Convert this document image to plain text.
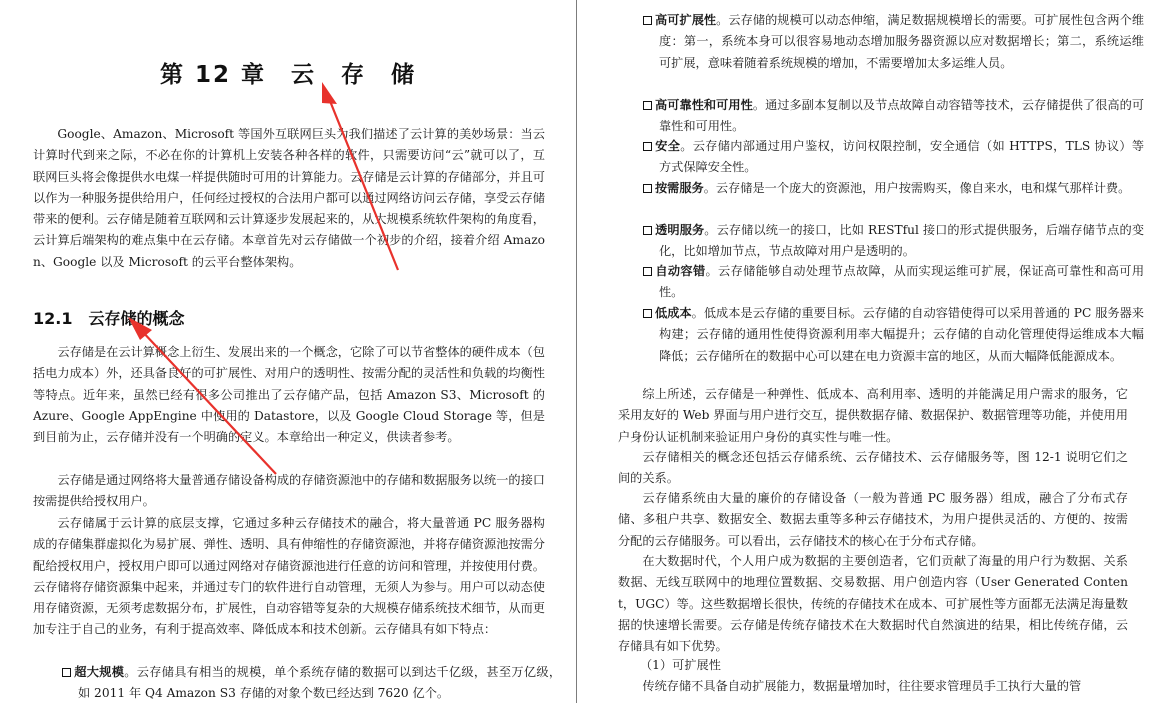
第 12 章　云　存　储

Google、Amazon、Microsoft 等国外互联网巨头为我们描述了云计算的美妙场景：当云计算时代到来之际，不必在你的计算机上安装各种各样的软件，只需要访问“云”就可以了，互联网巨头将会像提供水电煤一样提供随时可用的计算能力。云存储是云计算的存储部分，并且可以作为一种服务提供给用户，任何经过授权的合法用户都可以通过网络访问云存储，享受云存储带来的便利。云存储是随着互联网和云计算逐步发展起来的，从大规模系统软件架构的角度看，云计算后端架构的难点集中在云存储。本章首先对云存储做一个初步的介绍，接着介绍 Amazon、Google 以及 Microsoft 的云平台整体架构。

12.1　云存储的概念

云存储是在云计算概念上衍生、发展出来的一个概念，它除了可以节省整体的硬件成本（包括电力成本）外，还具备良好的可扩展性、对用户的透明性、按需分配的灵活性和负载的均衡性等特点。近年来，虽然已经有很多公司推出了云存储产品，包括 Amazon S3、Microsoft 的 Azure、Google AppEngine 中使用的 Datastore，以及 Google Cloud Storage 等，但是到目前为止，云存储并没有一个明确的定义。本章给出一种定义，供读者参考。

云存储是通过网络将大量普通存储设备构成的存储资源池中的存储和数据服务以统一的接口按需提供给授权用户。

云存储属于云计算的底层支撑，它通过多种云存储技术的融合，将大量普通 PC 服务器构成的存储集群虚拟化为易扩展、弹性、透明、具有伸缩性的存储资源池，并将存储资源池按需分配给授权用户，授权用户即可以通过网络对存储资源池进行任意的访问和管理，并按使用付费。云存储将存储资源集中起来，并通过专门的软件进行自动管理，无须人为参与。用户可以动态使用存储资源，无须考虑数据分布，扩展性，自动容错等复杂的大规模存储系统技术细节，从而更加专注于自己的业务，有利于提高效率、降低成本和技术创新。云存储具有如下特点：

超大规模。云存储具有相当的规模，单个系统存储的数据可以到达千亿级，甚至万亿级，如 2011 年 Q4 Amazon S3 存储的对象个数已经达到 7620 亿个。
高可扩展性。云存储的规模可以动态伸缩，满足数据规模增长的需要。可扩展性包含两个维度：第一，系统本身可以很容易地动态增加服务器资源以应对数据增长；第二，系统运维可扩展，意味着随着系统规模的增加，不需要增加太多运维人员。
高可靠性和可用性。通过多副本复制以及节点故障自动容错等技术，云存储提供了很高的可靠性和可用性。
安全。云存储内部通过用户鉴权，访问权限控制，安全通信（如 HTTPS，TLS 协议）等方式保障安全性。
按需服务。云存储是一个庞大的资源池，用户按需购买，像自来水，电和煤气那样计费。
透明服务。云存储以统一的接口，比如 RESTful 接口的形式提供服务，后端存储节点的变化，比如增加节点，节点故障对用户是透明的。
自动容错。云存储能够自动处理节点故障，从而实现运维可扩展，保证高可靠性和高可用性。
低成本。低成本是云存储的重要目标。云存储的自动容错使得可以采用普通的 PC 服务器来构建；云存储的通用性使得资源利用率大幅提升；云存储的自动化管理使得运维成本大幅降低；云存储所在的数据中心可以建在电力资源丰富的地区，从而大幅降低能源成本。

综上所述，云存储是一种弹性、低成本、高利用率、透明的并能满足用户需求的服务，它采用友好的 Web 界面与用户进行交互，提供数据存储、数据保护、数据管理等功能，并使用用户身份认证机制来验证用户身份的真实性与唯一性。

云存储相关的概念还包括云存储系统、云存储技术、云存储服务等，图 12-1 说明它们之间的关系。

云存储系统由大量的廉价的存储设备（一般为普通 PC 服务器）组成，融合了分布式存储、多租户共享、数据安全、数据去重等多种云存储技术，为用户提供灵活的、方便的、按需分配的云存储服务。可以看出，云存储技术的核心在于分布式存储。

在大数据时代，个人用户成为数据的主要创造者，它们贡献了海量的用户行为数据、关系数据、无线互联网中的地理位置数据、交易数据、用户创造内容（User Generated Content，UGC）等。这些数据增长很快，传统的存储技术在成本、可扩展性等方面都无法满足海量数据的快速增长需要。云存储是传统存储技术在大数据时代自然演进的结果，相比传统存储，云存储具有如下优势。

（1）可扩展性

传统存储不具备自动扩展能力，数据量增加时，往往要求管理员手工执行大量的管
